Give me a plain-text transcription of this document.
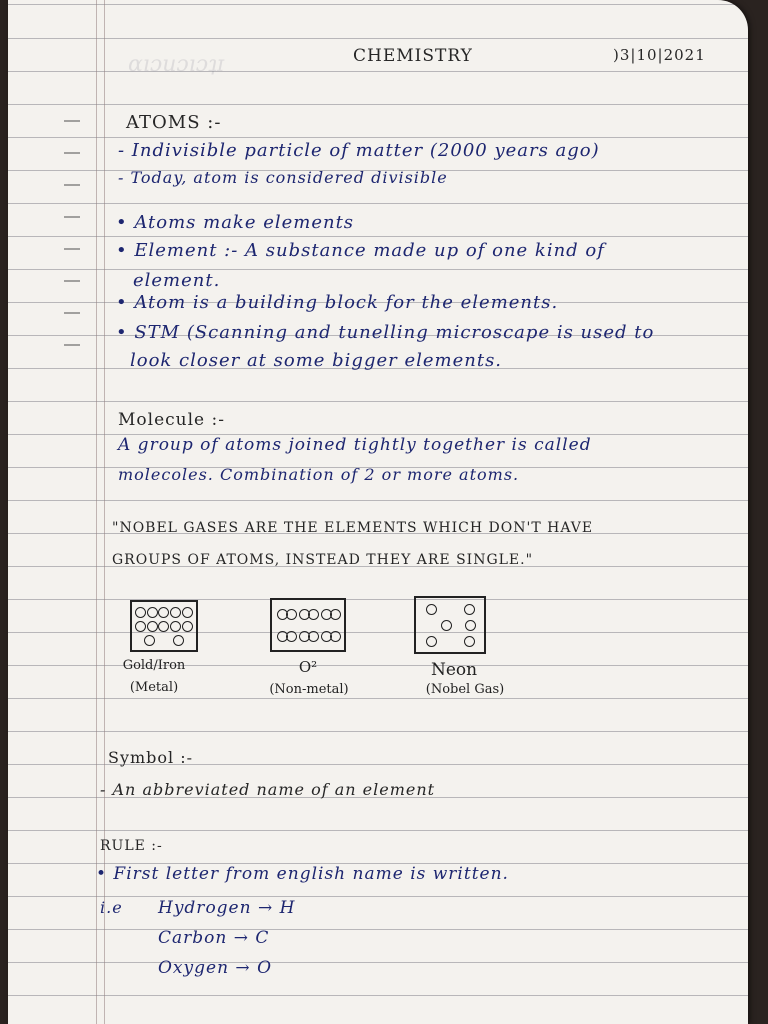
ɑıɔuɔıɔʇɪ	CHEMISTRY	)3|10|2021
ATOMS :-
- Indivisible particle of matter (2000 years ago)
- Today, atom is considered divisible
• Atoms make elements
• Element :- A substance made up of one kind of
element.
• Atom is a building block for the elements.
• STM (Scanning and tunelling microscape is used to
look closer at some bigger elements.
Molecule :-
A group of atoms joined tightly together is called
molecoles. Combination of 2 or more atoms.
"NOBEL GASES ARE THE ELEMENTS WHICH DON'T HAVE
GROUPS OF ATOMS, INSTEAD THEY ARE SINGLE."
Gold/Iron
(Metal)
O²
(Non-metal)
Neon
(Nobel Gas)
Symbol :-
- An abbreviated name of an element
RULE :-
• First letter from english name is written.
i.e Hydrogen → H
Carbon → C
Oxygen → O
